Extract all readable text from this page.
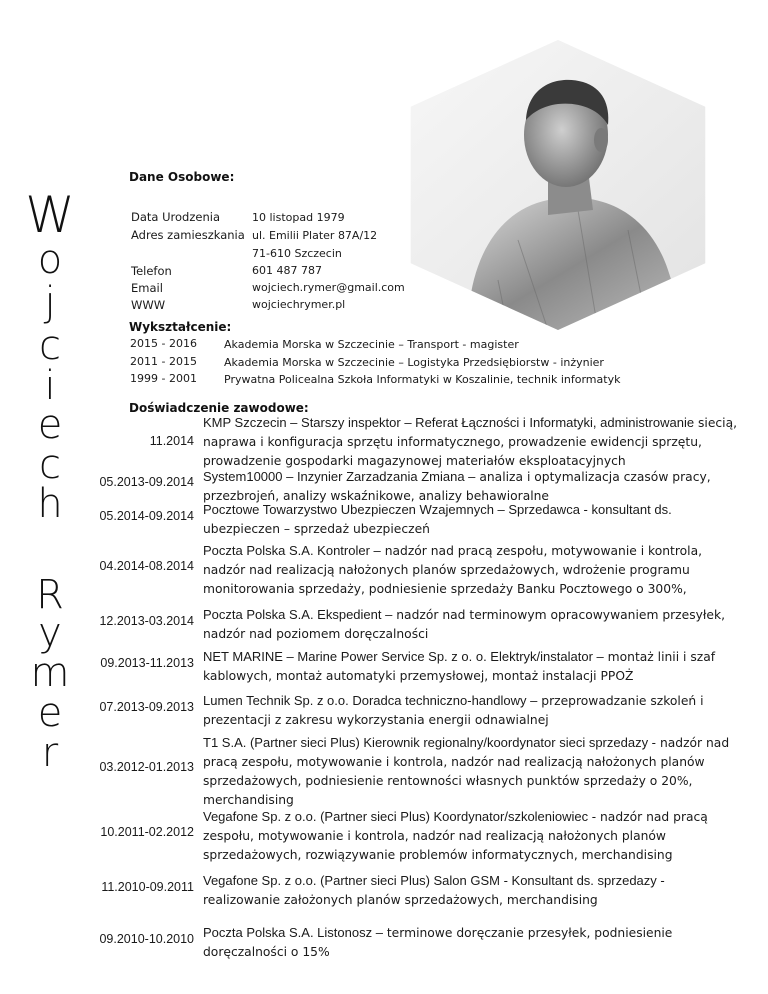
W
o
j
c
i
e
c
h
R
y
m
e
r
Dane Osobowe:
Data Urodzenia	10 listopad 1979
Adres zamieszkania ul. Emilii Plater 87A/12
71-610 Szczecin
Telefon	601 487 787
Email	wojciech.rymer@gmail.com
WWW	wojciechrymer.pl
Wykształcenie:
2015 - 2016 Akademia Morska w Szczecinie – Transport - magister
2011 - 2015 Akademia Morska w Szczecinie – Logistyka Przedsiębiorstw - inżynier
1999 - 2001 Prywatna Policealna Szkoła Informatyki w Koszalinie, technik informatyk
Doświadczenie zawodowe:
11.2014
KMP Szczecin – Starszy inspektor – Referat Łączności i Informatyki, administrowanie siecią, naprawa i konfiguracja sprzętu informatycznego, prowadzenie ewidencji sprzętu, prowadzenie gospodarki magazynowej materiałów eksploatacyjnych
05.2013-09.2014 System10000 – Inzynier Zarzadzania Zmiana – analiza i optymalizacja czasów pracy, przezbrojeń, analizy wskaźnikowe, analizy behawioralne
05.2014-09.2014 Pocztowe Towarzystwo Ubezpieczen Wzajemnych – Sprzedawca - konsultant ds. ubezpieczen – sprzedaż ubezpieczeń
04.2014-08.2014
Poczta Polska S.A. Kontroler – nadzór nad pracą zespołu, motywowanie i kontrola, nadzór nad realizacją nałożonych planów sprzedażowych, wdrożenie programu monitorowania sprzedaży, podniesienie sprzedaży Banku Pocztowego o 300%,
12.2013-03.2014 Poczta Polska S.A. Ekspedient – nadzór nad terminowym opracowywaniem przesyłek, nadzór nad poziomem doręczalności
09.2013-11.2013 NET MARINE – Marine Power Service Sp. z o. o. Elektryk/instalator – montaż linii i szaf kablowych, montaż automatyki przemysłowej, montaż instalacji PPOŻ
07.2013-09.2013 Lumen Technik Sp. z o.o. Doradca techniczno-handlowy – przeprowadzanie szkoleń i prezentacji z zakresu wykorzystania energii odnawialnej
03.2012-01.2013
T1 S.A. (Partner sieci Plus) Kierownik regionalny/koordynator sieci sprzedazy - nadzór nad pracą zespołu, motywowanie i kontrola, nadzór nad realizacją nałożonych planów sprzedażowych, podniesienie rentowności własnych punktów sprzedaży o 20%, merchandising
10.2011-02.2012
Vegafone Sp. z o.o. (Partner sieci Plus) Koordynator/szkoleniowiec - nadzór nad pracą zespołu, motywowanie i kontrola, nadzór nad realizacją nałożonych planów sprzedażowych, rozwiązywanie problemów informatycznych, merchandising
11.2010-09.2011 Vegafone Sp. z o.o. (Partner sieci Plus) Salon GSM - Konsultant ds. sprzedazy - realizowanie założonych planów sprzedażowych, merchandising
09.2010-10.2010 Poczta Polska S.A. Listonosz – terminowe doręczanie przesyłek, podniesienie doręczalności o 15%
